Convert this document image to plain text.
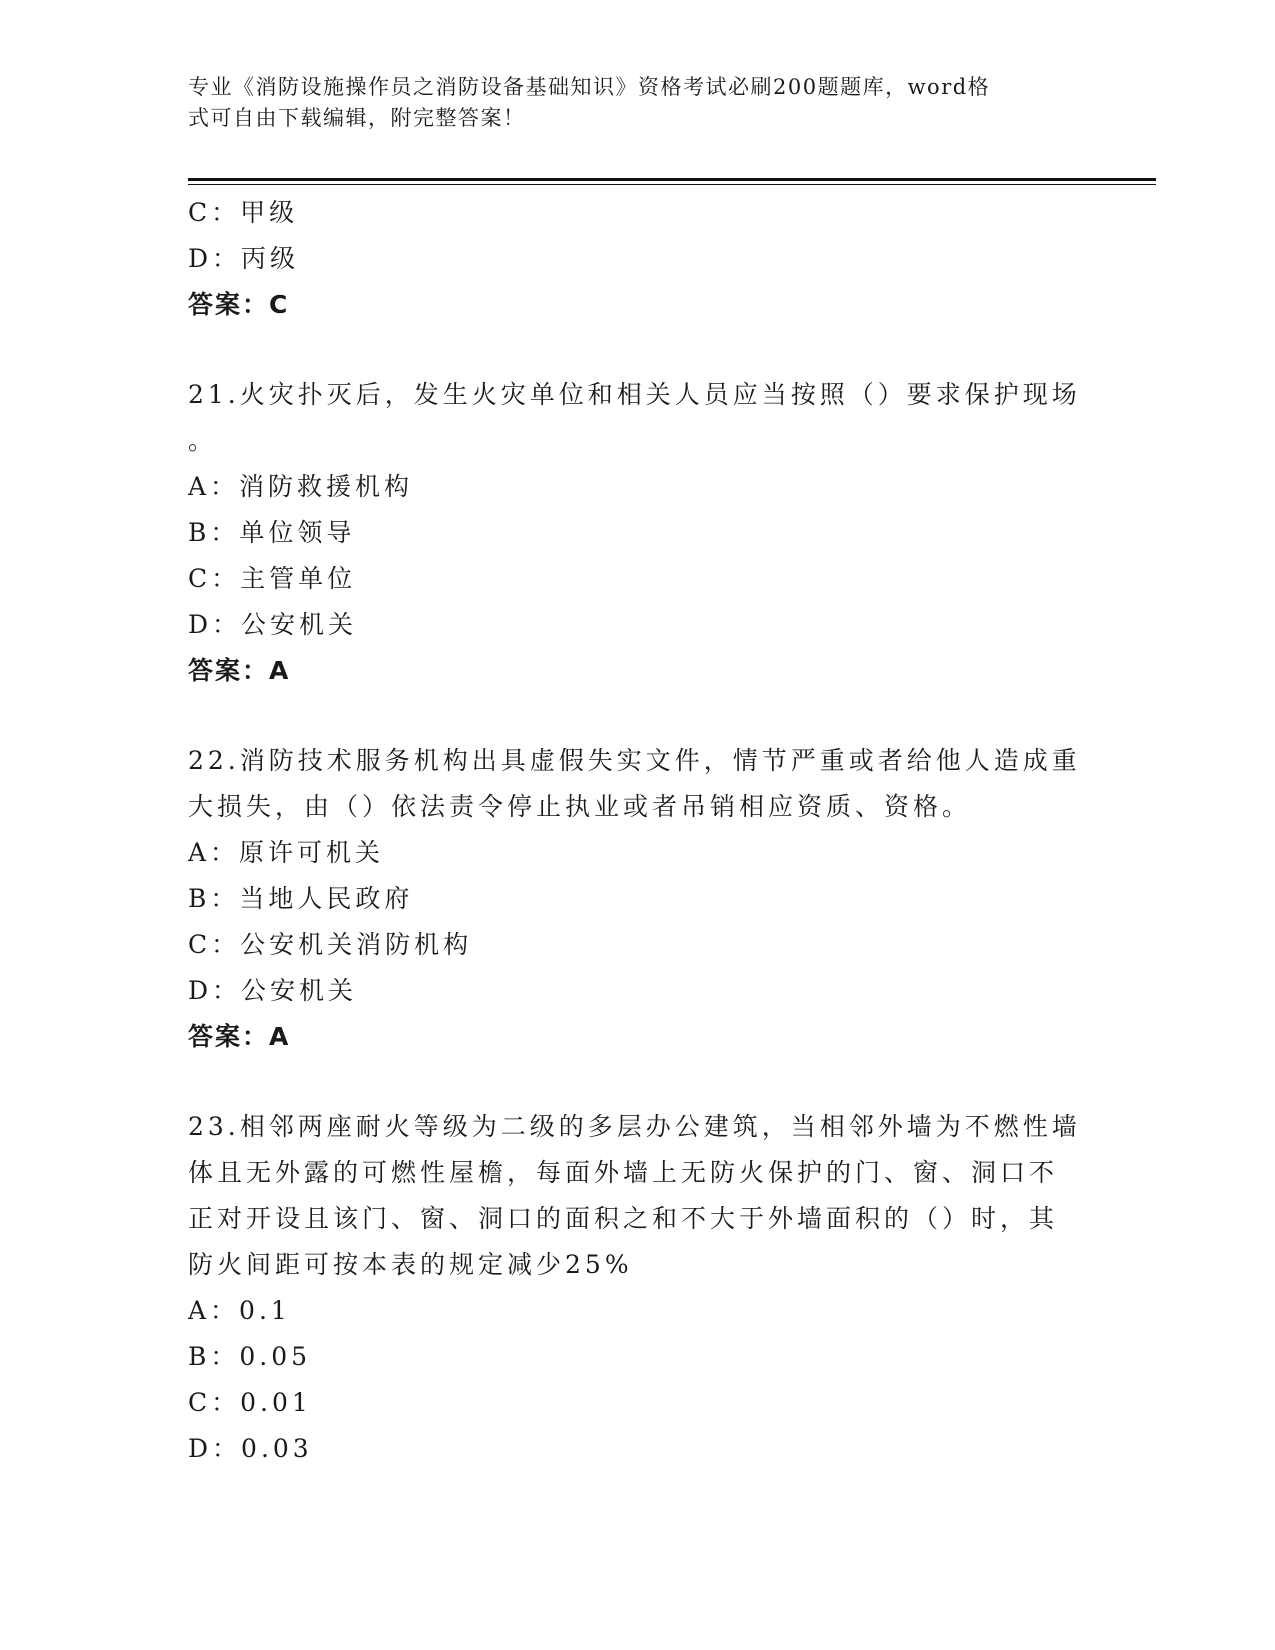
专业《消防设施操作员之消防设备基础知识》资格考试必刷200题题库，word格
式可自由下载编辑，附完整答案！
C：甲级
D：丙级
答案：C
21.火灾扑灭后，发生火灾单位和相关人员应当按照（）要求保护现场
。
A：消防救援机构
B：单位领导
C：主管单位
D：公安机关
答案：A
22.消防技术服务机构出具虚假失实文件，情节严重或者给他人造成重
大损失，由（）依法责令停止执业或者吊销相应资质、资格。
A：原许可机关
B：当地人民政府
C：公安机关消防机构
D：公安机关
答案：A
23.相邻两座耐火等级为二级的多层办公建筑，当相邻外墙为不燃性墙
体且无外露的可燃性屋檐，每面外墙上无防火保护的门、窗、洞口不
正对开设且该门、窗、洞口的面积之和不大于外墙面积的（）时，其
防火间距可按本表的规定减少25%
A：0.1
B：0.05
C：0.01
D：0.03
